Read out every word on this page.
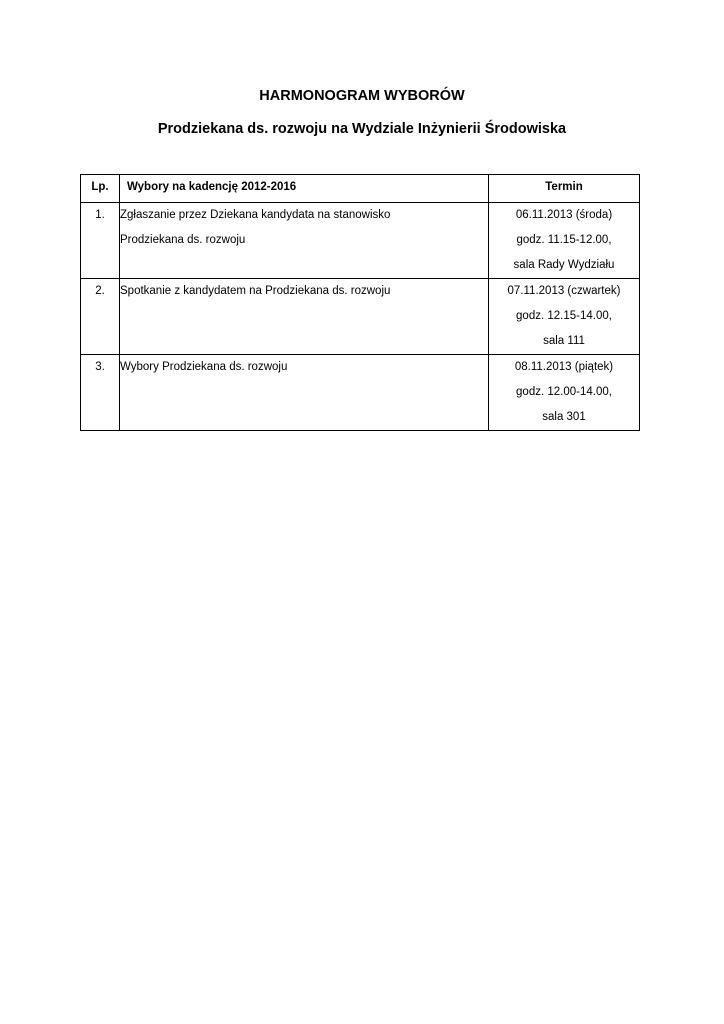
HARMONOGRAM WYBORÓW
Prodziekana ds. rozwoju na Wydziale Inżynierii Środowiska
Lp.	Wybory na kadencję 2012-2016	Termin

1.	Zgłaszanie przez Dziekana kandydata na stanowisko
Prodziekana ds. rozwoju	06.11.2013 (środa)
godz. 11.15-12.00,
sala Rady Wydziału

2.	Spotkanie z kandydatem na Prodziekana ds. rozwoju	07.11.2013 (czwartek)
godz. 12.15-14.00,
sala 111

3.	Wybory Prodziekana ds. rozwoju	08.11.2013 (piątek)
godz. 12.00-14.00,
sala 301
